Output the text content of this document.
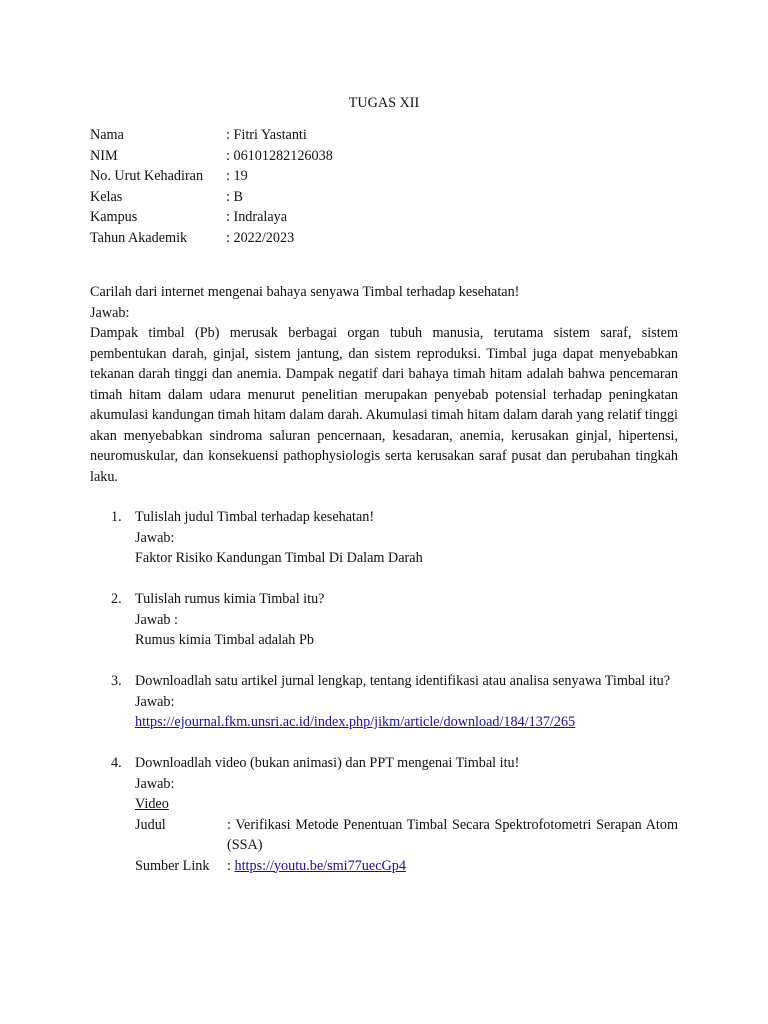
TUGAS XII
Nama	: Fitri Yastanti
NIM	: 06101282126038
No. Urut Kehadiran	: 19
Kelas	: B
Kampus	: Indralaya
Tahun Akademik	: 2022/2023
Carilah dari internet mengenai bahaya senyawa Timbal terhadap kesehatan!
Jawab:
Dampak timbal (Pb) merusak berbagai organ tubuh manusia, terutama sistem saraf, sistem pembentukan darah, ginjal, sistem jantung, dan sistem reproduksi. Timbal juga dapat menyebabkan tekanan darah tinggi dan anemia. Dampak negatif dari bahaya timah hitam adalah bahwa pencemaran timah hitam dalam udara menurut penelitian merupakan penyebab potensial terhadap peningkatan akumulasi kandungan timah hitam dalam darah. Akumulasi timah hitam dalam darah yang relatif tinggi akan menyebabkan sindroma saluran pencernaan, kesadaran, anemia, kerusakan ginjal, hipertensi, neuromuskular, dan konsekuensi pathophysiologis serta kerusakan saraf pusat dan perubahan tingkah laku.
1. Tulislah judul Timbal terhadap kesehatan!
Jawab:
Faktor Risiko Kandungan Timbal Di Dalam Darah
2. Tulislah rumus kimia Timbal itu?
Jawab :
Rumus kimia Timbal adalah Pb
3. Downloadlah satu artikel jurnal lengkap, tentang identifikasi atau analisa senyawa Timbal itu?
Jawab:
https://ejournal.fkm.unsri.ac.id/index.php/jikm/article/download/184/137/265
4. Downloadlah video (bukan animasi) dan PPT mengenai Timbal itu!
Jawab:
Video
Judul	: Verifikasi Metode Penentuan Timbal Secara Spektrofotometri Serapan Atom (SSA)
Sumber Link	: https://youtu.be/smi77uecGp4
